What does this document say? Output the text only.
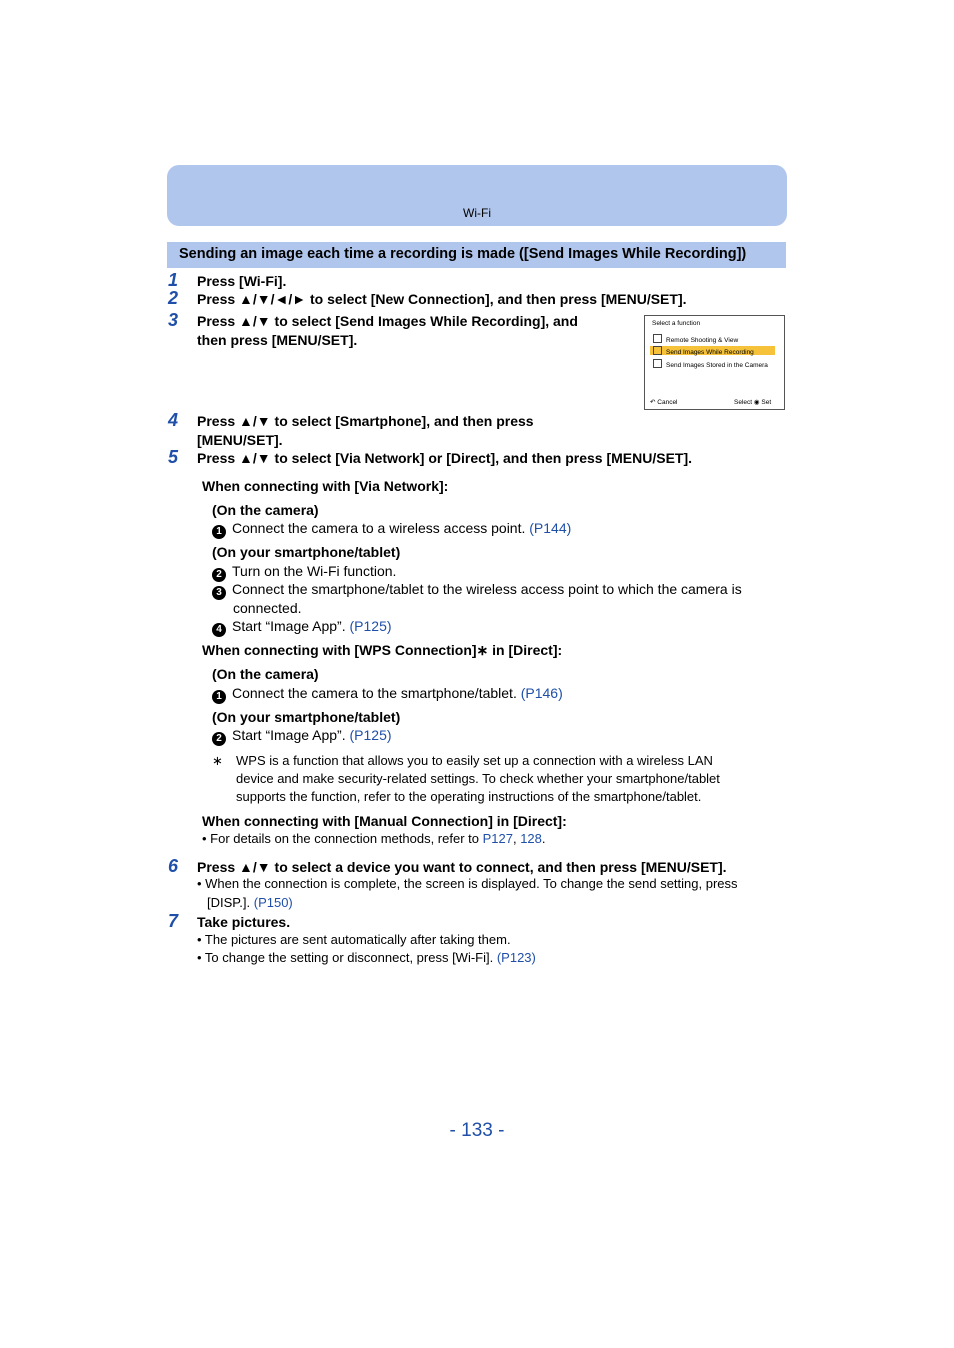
Wi-Fi
Sending an image each time a recording is made ([Send Images While Recording])
1 Press [Wi-Fi].
2 Press ▲/▼/◄/► to select [New Connection], and then press [MENU/SET].
3 Press ▲/▼ to select [Send Images While Recording], and
then press [MENU/SET].
Select a function
Remote Shooting & View
Send Images While Recording
Send Images Stored in the Camera
↶ Cancel	Select ◉ Set
4 Press ▲/▼ to select [Smartphone], and then press
[MENU/SET].
5 Press ▲/▼ to select [Via Network] or [Direct], and then press [MENU/SET].
When connecting with [Via Network]:
(On the camera)
1 Connect the camera to a wireless access point. (P144)
(On your smartphone/tablet)
2 Turn on the Wi-Fi function.
3 Connect the smartphone/tablet to the wireless access point to which the camera is
connected.
4 Start “Image App”. (P125)
When connecting with [WPS Connection]∗ in [Direct]:
(On the camera)
1 Connect the camera to the smartphone/tablet. (P146)
(On your smartphone/tablet)
2 Start “Image App”. (P125)
∗ WPS is a function that allows you to easily set up a connection with a wireless LAN
device and make security-related settings. To check whether your smartphone/tablet
supports the function, refer to the operating instructions of the smartphone/tablet.
When connecting with [Manual Connection] in [Direct]:
• For details on the connection methods, refer to P127, 128.
6 Press ▲/▼ to select a device you want to connect, and then press [MENU/SET].
• When the connection is complete, the screen is displayed. To change the send setting, press
[DISP.]. (P150)
7 Take pictures.
• The pictures are sent automatically after taking them.
• To change the setting or disconnect, press [Wi-Fi]. (P123)
- 133 -
